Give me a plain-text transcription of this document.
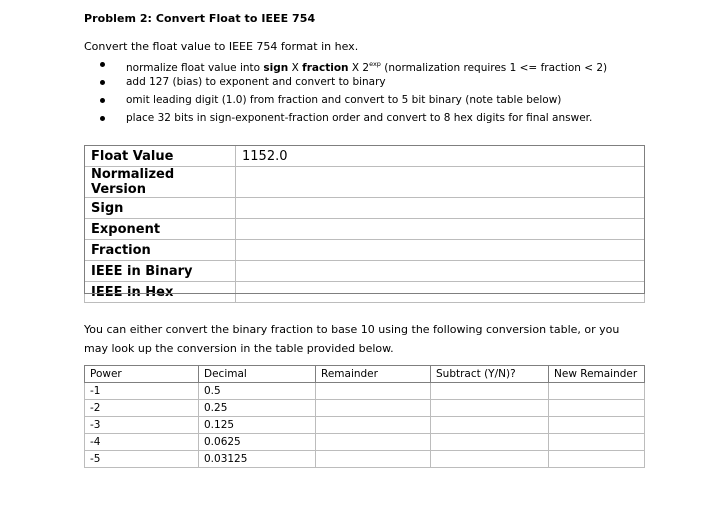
Problem 2: Convert Float to IEEE 754
Convert the float value to IEEE 754 format in hex.
normalize float value into sign X fraction X $2^{exp}$ (normalization requires 1 <= fraction < 2)
add 127 (bias) to exponent and convert to binary
omit leading digit (1.0) from fraction and convert to 5 bit binary (note table below)
place 32 bits in sign-exponent-fraction order and convert to 8 hex digits for final answer.
Float Value	1152.0
Normalized Version	
Sign	
Exponent	
Fraction	
IEEE in Binary	
IEEE in Hex	
You can either convert the binary fraction to base 10 using the following conversion table, or you may look up the conversion in the table provided below.
Power	Decimal	Remainder	Subtract (Y/N)?	New Remainder
-1	0.5			
-2	0.25			
-3	0.125			
-4	0.0625			
-5	0.03125			
